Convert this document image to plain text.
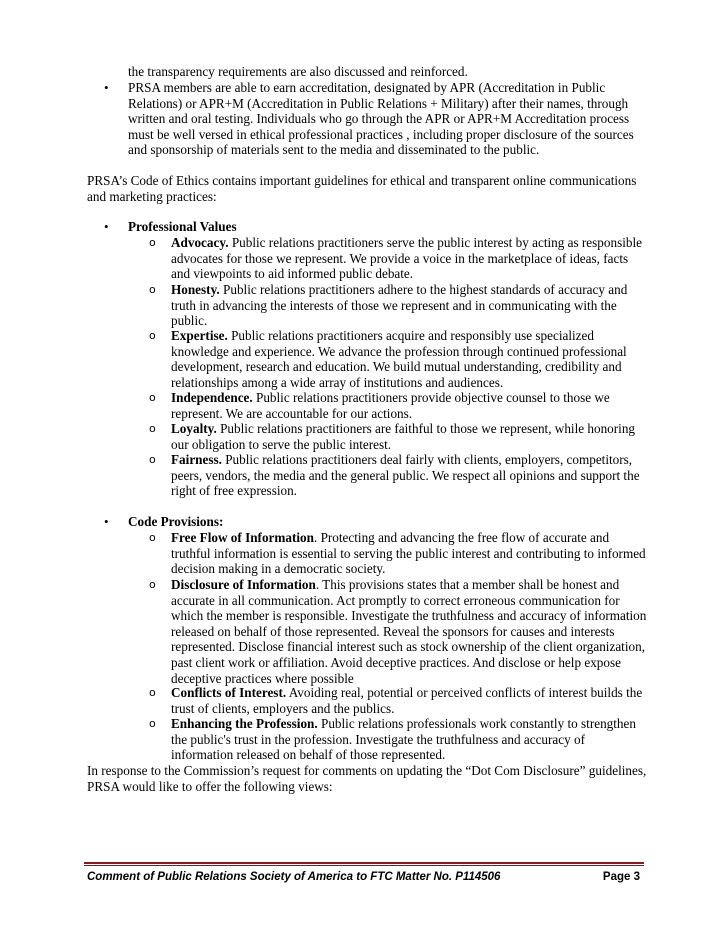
the transparency requirements are also discussed and reinforced.
• PRSA members are able to earn accreditation, designated by APR (Accreditation in Public Relations) or APR+M (Accreditation in Public Relations + Military) after their names, through written and oral testing. Individuals who go through the APR or APR+M Accreditation process must be well versed in ethical professional practices , including proper disclosure of the sources and sponsorship of materials sent to the media and disseminated to the public.
PRSA’s Code of Ethics contains important guidelines for ethical and transparent online communications and marketing practices:
• Professional Values
o Advocacy. Public relations practitioners serve the public interest by acting as responsible advocates for those we represent. We provide a voice in the marketplace of ideas, facts and viewpoints to aid informed public debate.
o Honesty. Public relations practitioners adhere to the highest standards of accuracy and truth in advancing the interests of those we represent and in communicating with the public.
o Expertise. Public relations practitioners acquire and responsibly use specialized knowledge and experience. We advance the profession through continued professional development, research and education. We build mutual understanding, credibility and relationships among a wide array of institutions and audiences.
o Independence. Public relations practitioners provide objective counsel to those we represent. We are accountable for our actions.
o Loyalty. Public relations practitioners are faithful to those we represent, while honoring our obligation to serve the public interest.
o Fairness. Public relations practitioners deal fairly with clients, employers, competitors, peers, vendors, the media and the general public. We respect all opinions and support the right of free expression.
• Code Provisions:
o Free Flow of Information. Protecting and advancing the free flow of accurate and truthful information is essential to serving the public interest and contributing to informed decision making in a democratic society.
o Disclosure of Information. This provisions states that a member shall be honest and accurate in all communication. Act promptly to correct erroneous communication for which the member is responsible. Investigate the truthfulness and accuracy of information released on behalf of those represented. Reveal the sponsors for causes and interests represented. Disclose financial interest such as stock ownership of the client organization, past client work or affiliation. Avoid deceptive practices. And disclose or help expose deceptive practices where possible
o Conflicts of Interest. Avoiding real, potential or perceived conflicts of interest builds the trust of clients, employers and the publics.
o Enhancing the Profession. Public relations professionals work constantly to strengthen the public's trust in the profession. Investigate the truthfulness and accuracy of information released on behalf of those represented.
In response to the Commission’s request for comments on updating the “Dot Com Disclosure” guidelines, PRSA would like to offer the following views:
Comment of Public Relations Society of America to FTC Matter No. P114506	Page 3
